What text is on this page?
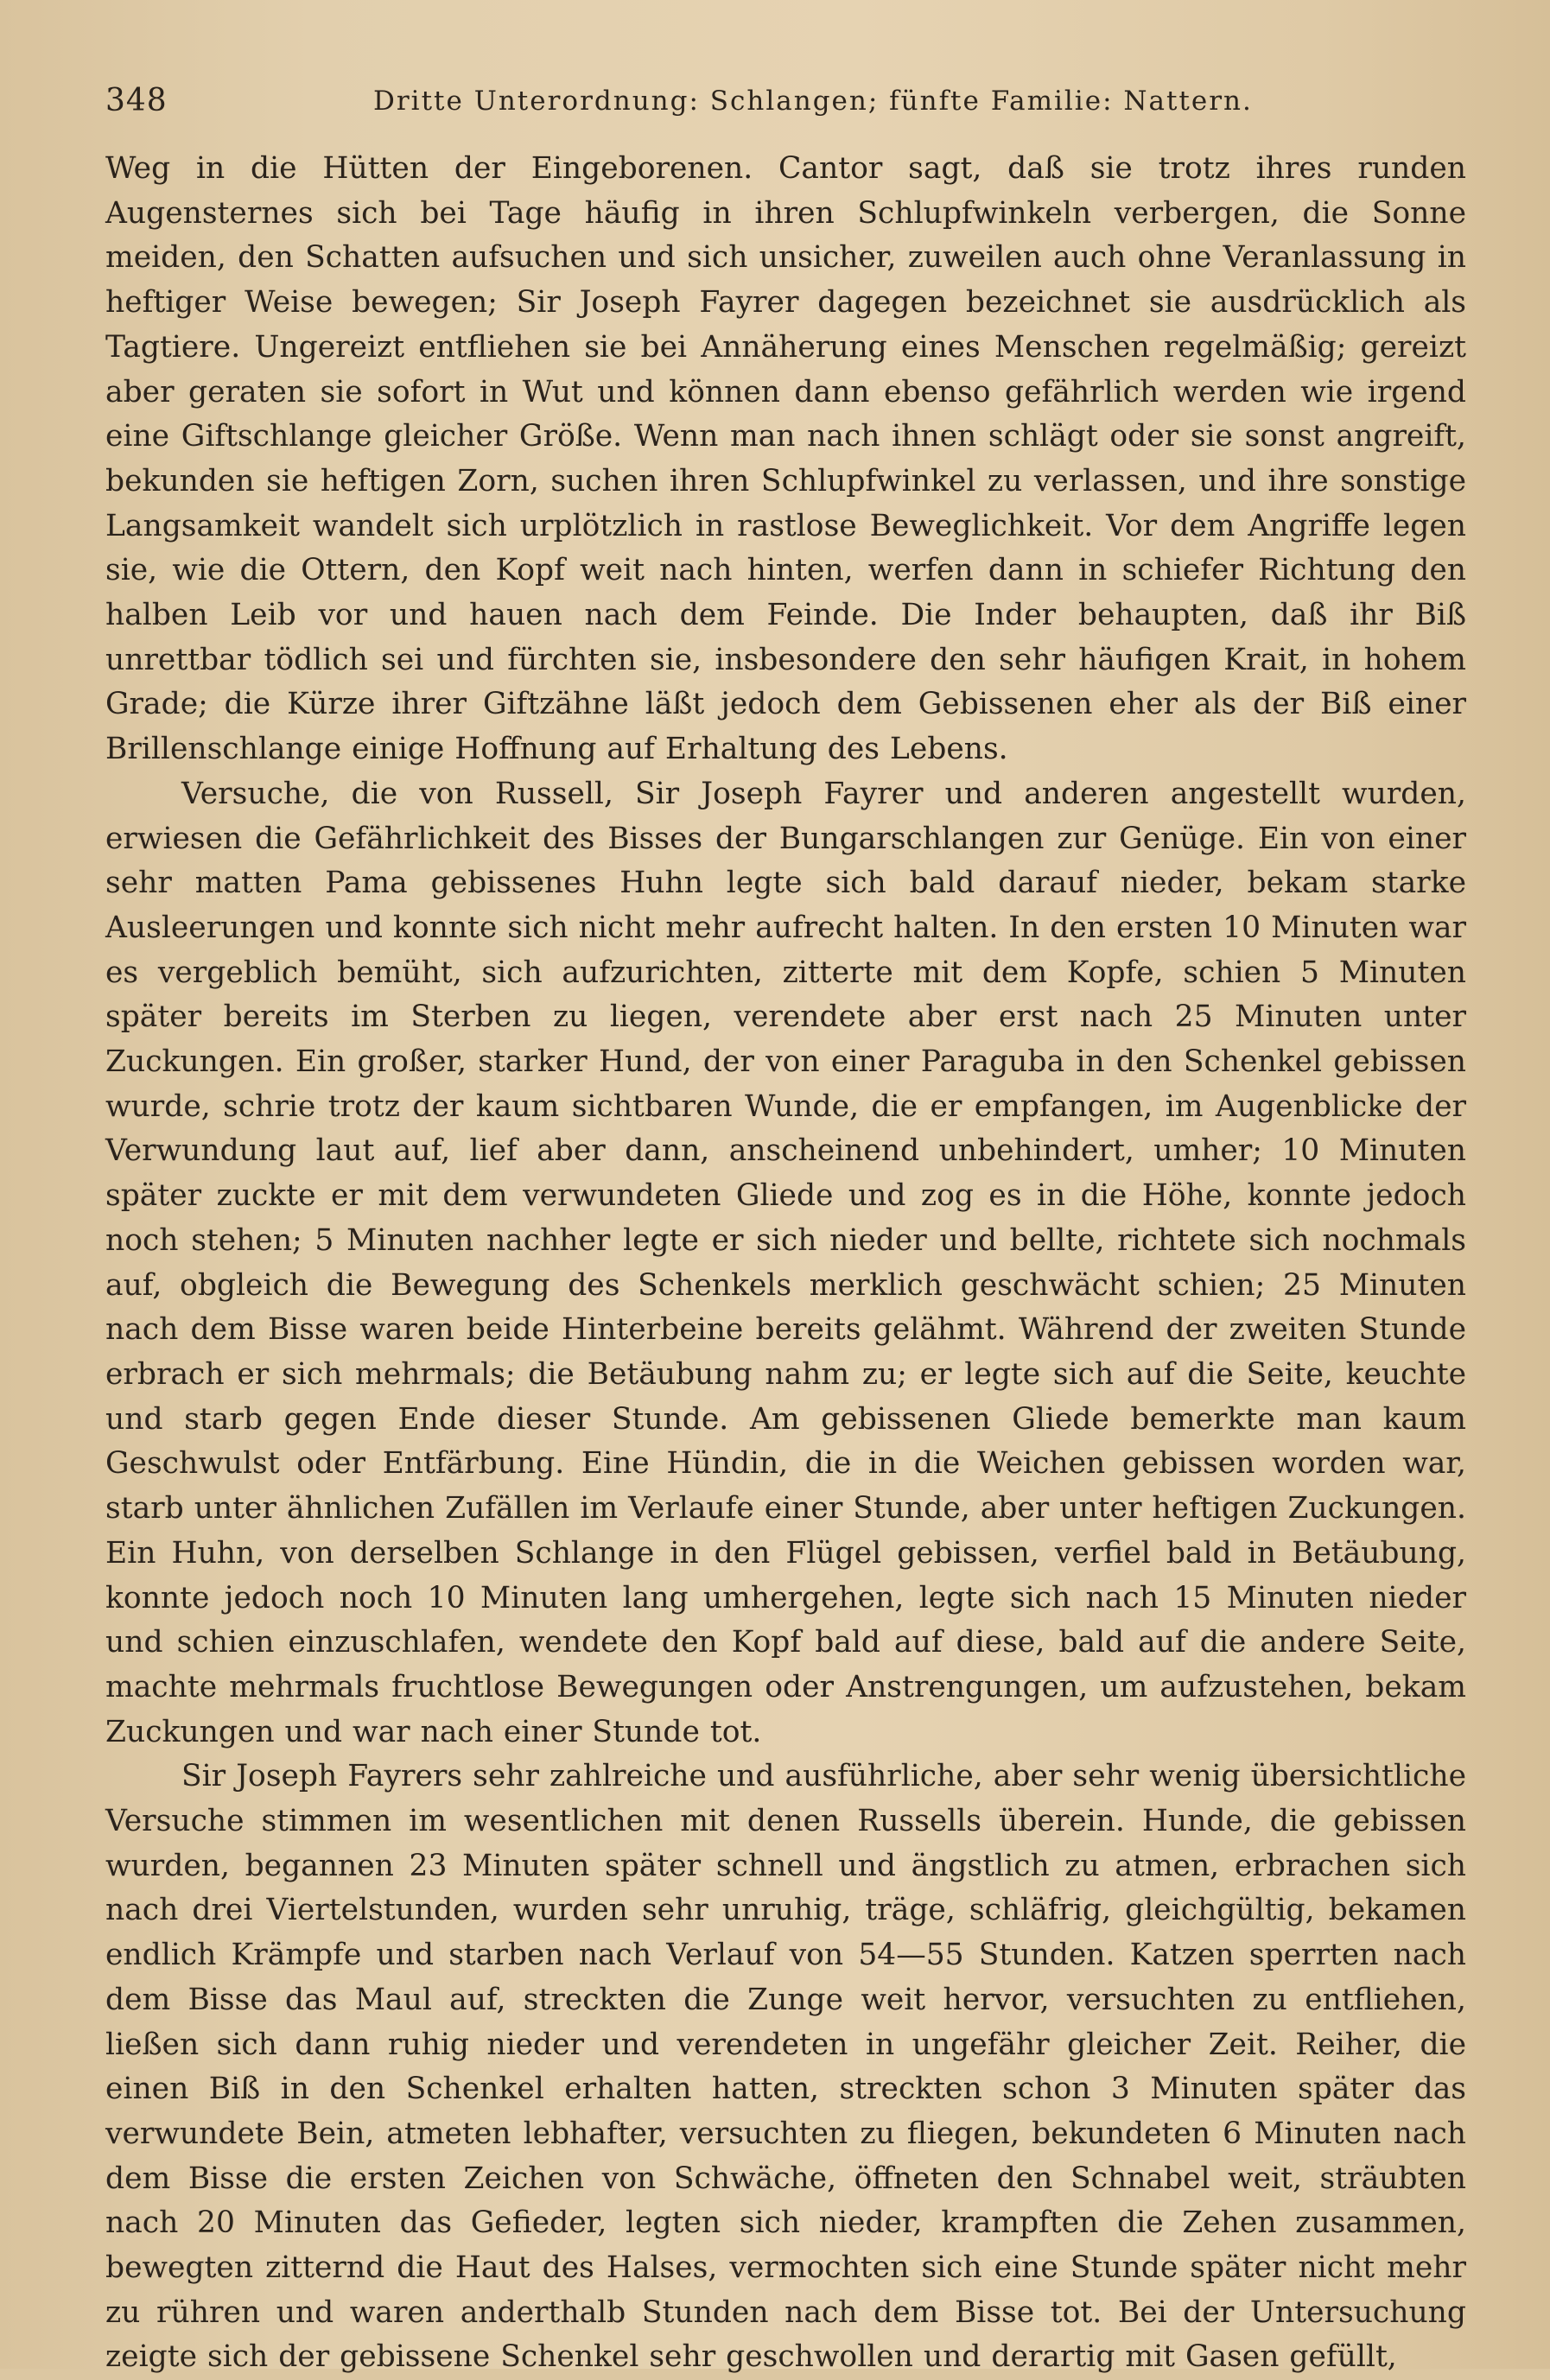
348	Dritte Unterordnung: Schlangen; fünfte Familie: Nattern.

Weg in die Hütten der Eingeborenen. Cantor sagt, daß sie trotz ihres runden Augensternes sich bei Tage häufig in ihren Schlupfwinkeln verbergen, die Sonne meiden, den Schatten aufsuchen und sich unsicher, zuweilen auch ohne Veranlassung in heftiger Weise bewegen; Sir Joseph Fayrer dagegen bezeichnet sie ausdrücklich als Tagtiere. Ungereizt entfliehen sie bei Annäherung eines Menschen regelmäßig; gereizt aber geraten sie sofort in Wut und können dann ebenso gefährlich werden wie irgend eine Giftschlange gleicher Größe. Wenn man nach ihnen schlägt oder sie sonst angreift, bekunden sie heftigen Zorn, suchen ihren Schlupfwinkel zu verlassen, und ihre sonstige Langsamkeit wandelt sich urplötzlich in rastlose Beweglichkeit. Vor dem Angriffe legen sie, wie die Ottern, den Kopf weit nach hinten, werfen dann in schiefer Richtung den halben Leib vor und hauen nach dem Feinde. Die Inder behaupten, daß ihr Biß unrettbar tödlich sei und fürchten sie, insbesondere den sehr häufigen Krait, in hohem Grade; die Kürze ihrer Giftzähne läßt jedoch dem Gebissenen eher als der Biß einer Brillenschlange einige Hoffnung auf Erhaltung des Lebens.

Versuche, die von Russell, Sir Joseph Fayrer und anderen angestellt wurden, erwiesen die Gefährlichkeit des Bisses der Bungarschlangen zur Genüge. Ein von einer sehr matten Pama gebissenes Huhn legte sich bald darauf nieder, bekam starke Ausleerungen und konnte sich nicht mehr aufrecht halten. In den ersten 10 Minuten war es vergeblich bemüht, sich aufzurichten, zitterte mit dem Kopfe, schien 5 Minuten später bereits im Sterben zu liegen, verendete aber erst nach 25 Minuten unter Zuckungen. Ein großer, starker Hund, der von einer Paraguba in den Schenkel gebissen wurde, schrie trotz der kaum sichtbaren Wunde, die er empfangen, im Augenblicke der Verwundung laut auf, lief aber dann, anscheinend unbehindert, umher; 10 Minuten später zuckte er mit dem verwundeten Gliede und zog es in die Höhe, konnte jedoch noch stehen; 5 Minuten nachher legte er sich nieder und bellte, richtete sich nochmals auf, obgleich die Bewegung des Schenkels merklich geschwächt schien; 25 Minuten nach dem Bisse waren beide Hinterbeine bereits gelähmt. Während der zweiten Stunde erbrach er sich mehrmals; die Betäubung nahm zu; er legte sich auf die Seite, keuchte und starb gegen Ende dieser Stunde. Am gebissenen Gliede bemerkte man kaum Geschwulst oder Entfärbung. Eine Hündin, die in die Weichen gebissen worden war, starb unter ähnlichen Zufällen im Verlaufe einer Stunde, aber unter heftigen Zuckungen. Ein Huhn, von derselben Schlange in den Flügel gebissen, verfiel bald in Betäubung, konnte jedoch noch 10 Minuten lang umhergehen, legte sich nach 15 Minuten nieder und schien einzuschlafen, wendete den Kopf bald auf diese, bald auf die andere Seite, machte mehrmals fruchtlose Bewegungen oder Anstrengungen, um aufzustehen, bekam Zuckungen und war nach einer Stunde tot.

Sir Joseph Fayrers sehr zahlreiche und ausführliche, aber sehr wenig übersichtliche Versuche stimmen im wesentlichen mit denen Russells überein. Hunde, die gebissen wurden, begannen 23 Minuten später schnell und ängstlich zu atmen, erbrachen sich nach drei Viertelstunden, wurden sehr unruhig, träge, schläfrig, gleichgültig, bekamen endlich Krämpfe und starben nach Verlauf von 54—55 Stunden. Katzen sperrten nach dem Bisse das Maul auf, streckten die Zunge weit hervor, versuchten zu entfliehen, ließen sich dann ruhig nieder und verendeten in ungefähr gleicher Zeit. Reiher, die einen Biß in den Schenkel erhalten hatten, streckten schon 3 Minuten später das verwundete Bein, atmeten lebhafter, versuchten zu fliegen, bekundeten 6 Minuten nach dem Bisse die ersten Zeichen von Schwäche, öffneten den Schnabel weit, sträubten nach 20 Minuten das Gefieder, legten sich nieder, krampften die Zehen zusammen, bewegten zitternd die Haut des Halses, vermochten sich eine Stunde später nicht mehr zu rühren und waren anderthalb Stunden nach dem Bisse tot. Bei der Untersuchung zeigte sich der gebissene Schenkel sehr geschwollen und derartig mit Gasen gefüllt,
